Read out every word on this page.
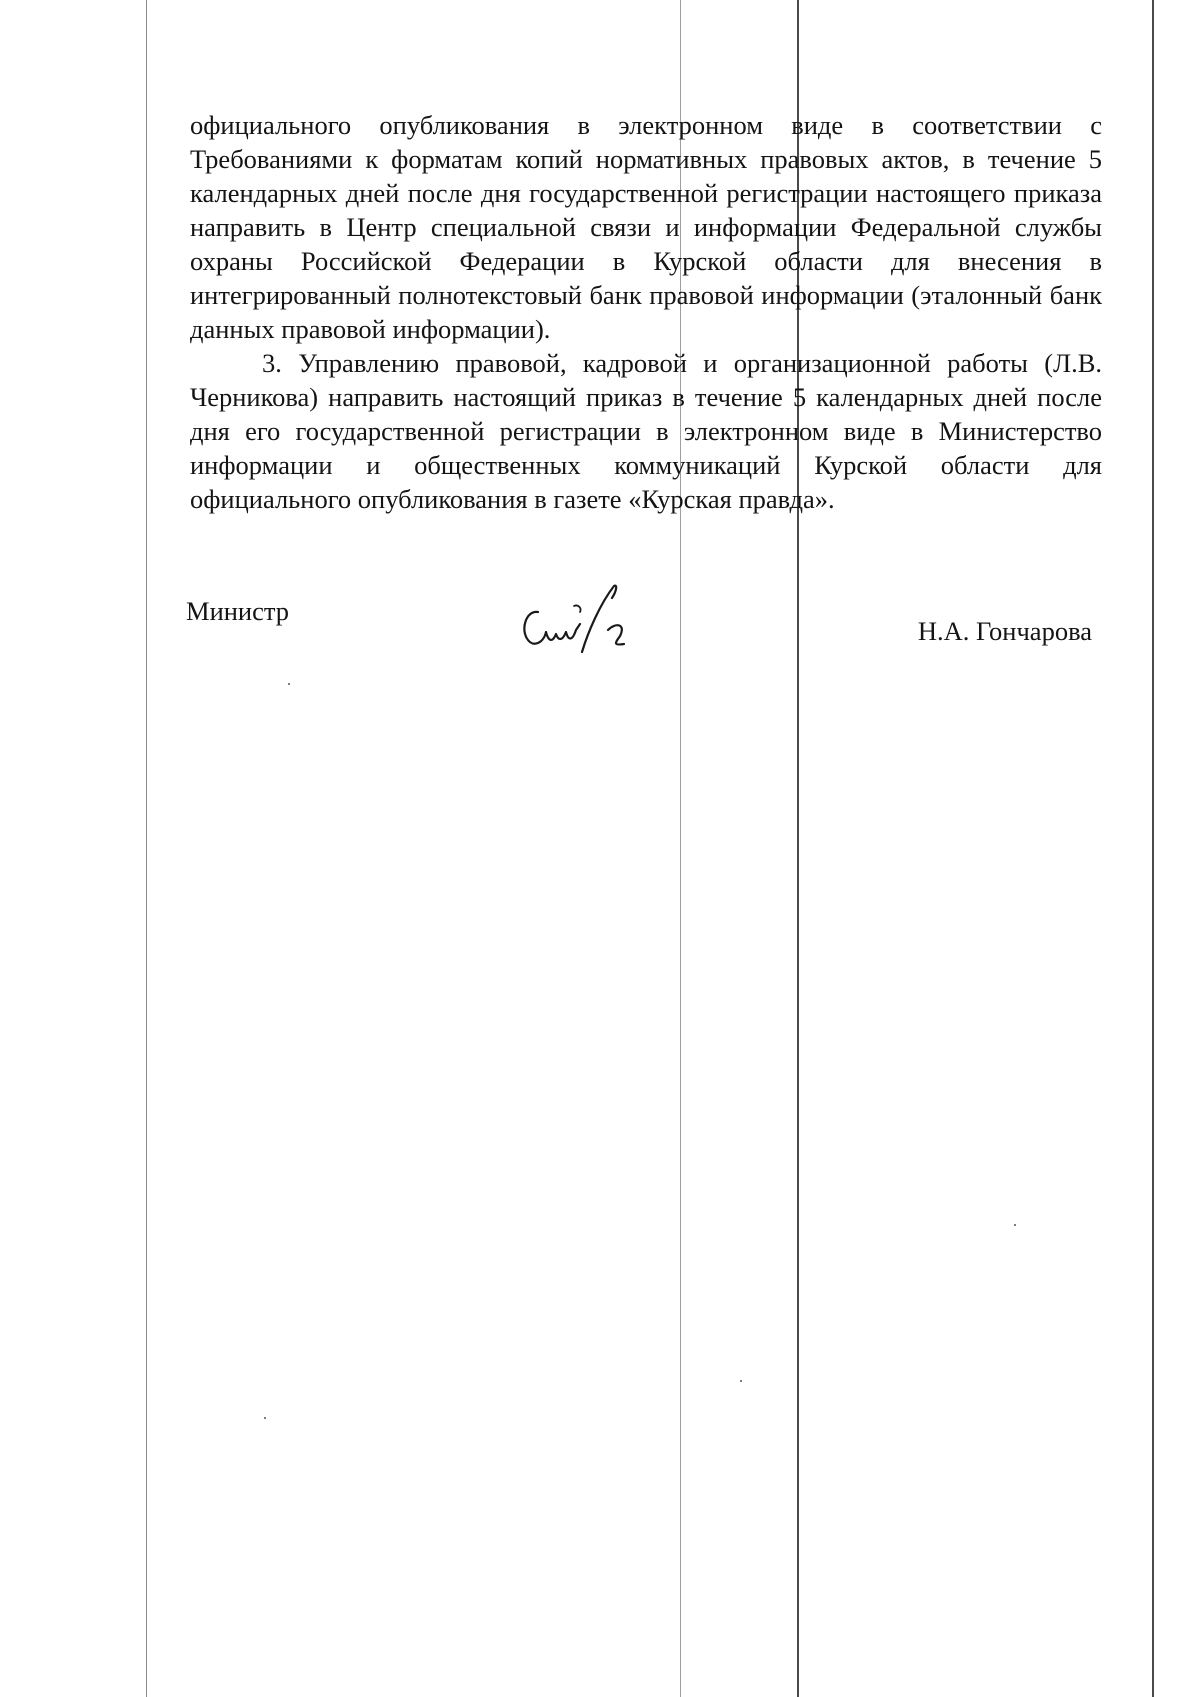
официального опубликования в электронном виде в соответствии с Требованиями к форматам копий нормативных правовых актов, в течение 5 календарных дней после дня государственной регистрации настоящего приказа направить в Центр специальной связи и информации Федеральной службы охраны Российской Федерации в Курской области для внесения в интегрированный полнотекстовый банк правовой информации (эталонный банк данных правовой информации).

3. Управлению правовой, кадровой и организационной работы (Л.В. Черникова) направить настоящий приказ в течение 5 календарных дней после дня его государственной регистрации в электронном виде в Министерство информации и общественных коммуникаций Курской области для официального опубликования в газете «Курская правда».

Министр
Н.А. Гончарова
